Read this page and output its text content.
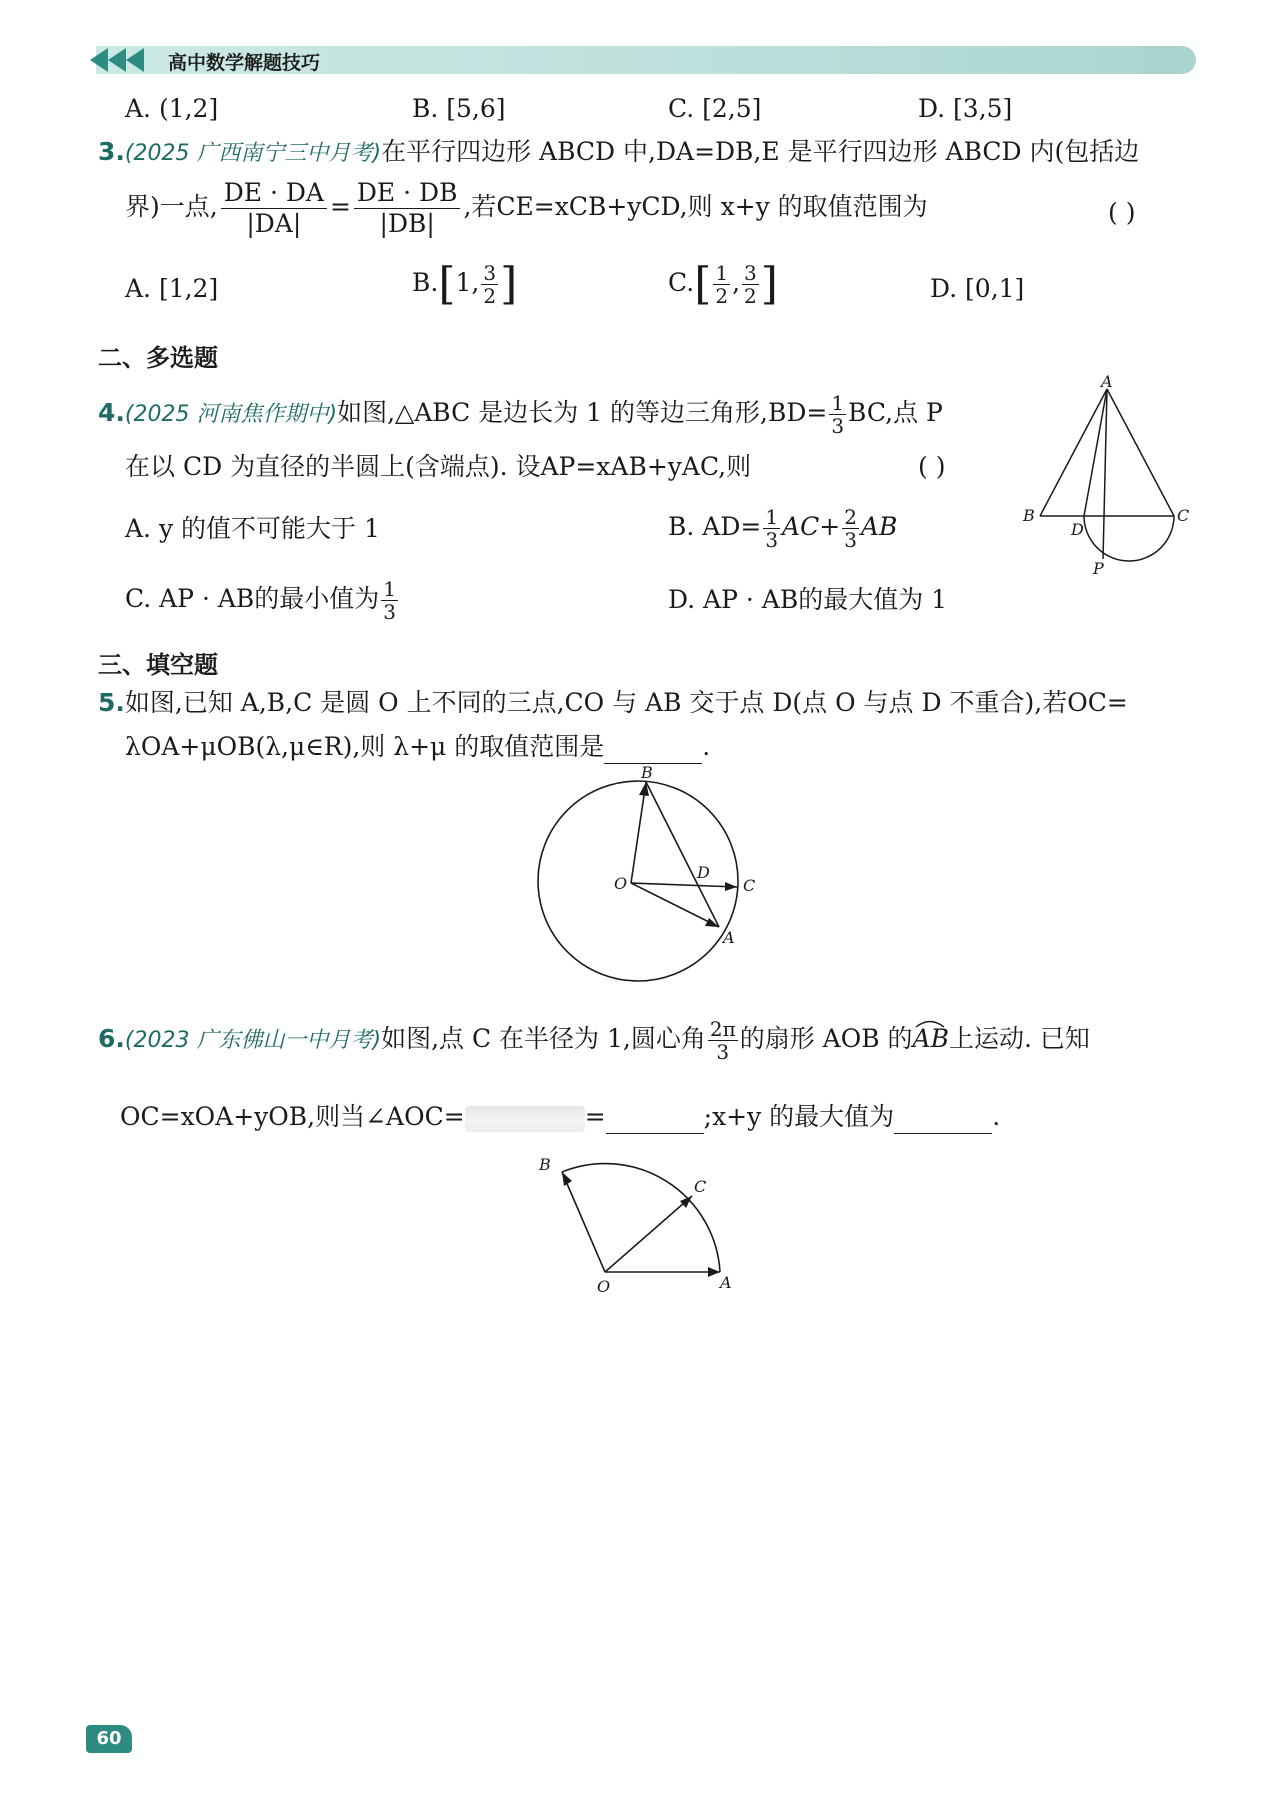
高中数学解题技巧
A. (1,2]	B. [5,6]	C. [2,5]	D. [3,5]
3.(2025 广西南宁三中月考)在平行四边形 ABCD 中,DA=DB,E 是平行四边形 ABCD 内(包括边
界)一点, $\frac{DE \cdot DA}{|DA|} = \frac{DE \cdot DB}{|DB|}$ ,若CE=xCB+yCD,则 x+y 的取值范围为	( )
A. [1,2]	B.[1, $\frac{3}{2}$ ]	$C.[ \frac{1}{2}$ , $\frac{3}{2}$ ]	D. [0,1]
二、多选题
4.(2025 河南焦作期中)如图,△ABC 是边长为 1 的等边三角形$,BD= \frac{1}{3}$ BC,点 P
在以 CD 为直径的半圆上(含端点). 设AP=xAB+yAC,则	( )
A. y 的值不可能大于 1	B. $AD= \frac{1}{3} AC+ \frac{2}{3}$ AB
C. AP · AB的最小值为 $\frac{1}{3}$	D. AP · AB的最大值为 1
A
B	C
D
P
三、填空题
5.如图,已知 A,B,C 是圆 O 上不同的三点,CO 与 AB 交于点 D(点 O 与点 D 不重合),若OC=
λOA+μOB(λ,μ∈R),则 λ+μ 的取值范围是	.
B
O
D
C
A
6.(2023 广东佛山一中月考)如图,点 C 在半径为 1,圆心角 $\frac{2\pi}{3}$ 的扇形 AOB 的AB
上运动. 已知
OC=xOA+yOB,则当∠AOC=	=	;x+y 的最大值为	.
B
C
O	A
60
